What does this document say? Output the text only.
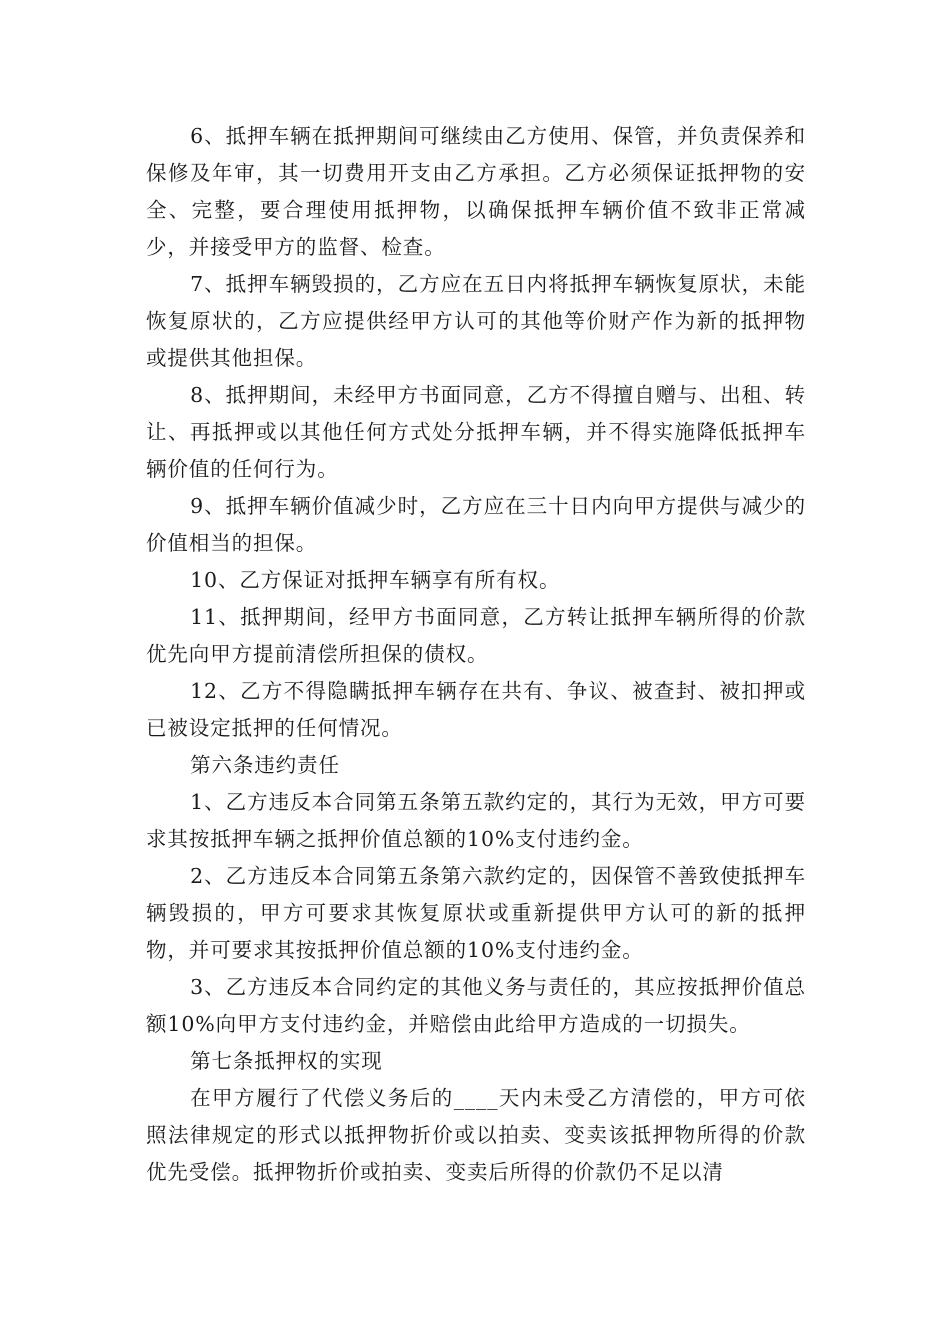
6、抵押车辆在抵押期间可继续由乙方使用、保管，并负责保养和保修及年审，其一切费用开支由乙方承担。乙方必须保证抵押物的安全、完整，要合理使用抵押物，以确保抵押车辆价值不致非正常减少，并接受甲方的监督、检查。

7、抵押车辆毁损的，乙方应在五日内将抵押车辆恢复原状，未能恢复原状的，乙方应提供经甲方认可的其他等价财产作为新的抵押物或提供其他担保。

8、抵押期间，未经甲方书面同意，乙方不得擅自赠与、出租、转让、再抵押或以其他任何方式处分抵押车辆，并不得实施降低抵押车辆价值的任何行为。

9、抵押车辆价值减少时，乙方应在三十日内向甲方提供与减少的价值相当的担保。

10、乙方保证对抵押车辆享有所有权。

11、抵押期间，经甲方书面同意，乙方转让抵押车辆所得的价款优先向甲方提前清偿所担保的债权。

12、乙方不得隐瞒抵押车辆存在共有、争议、被查封、被扣押或已被设定抵押的任何情况。

第六条违约责任

1、乙方违反本合同第五条第五款约定的，其行为无效，甲方可要求其按抵押车辆之抵押价值总额的10%支付违约金。

2、乙方违反本合同第五条第六款约定的，因保管不善致使抵押车辆毁损的，甲方可要求其恢复原状或重新提供甲方认可的新的抵押物，并可要求其按抵押价值总额的10%支付违约金。

3、乙方违反本合同约定的其他义务与责任的，其应按抵押价值总额10%向甲方支付违约金，并赔偿由此给甲方造成的一切损失。

第七条抵押权的实现

在甲方履行了代偿义务后的____天内未受乙方清偿的，甲方可依照法律规定的形式以抵押物折价或以拍卖、变卖该抵押物所得的价款优先受偿。抵押物折价或拍卖、变卖后所得的价款仍不足以清
